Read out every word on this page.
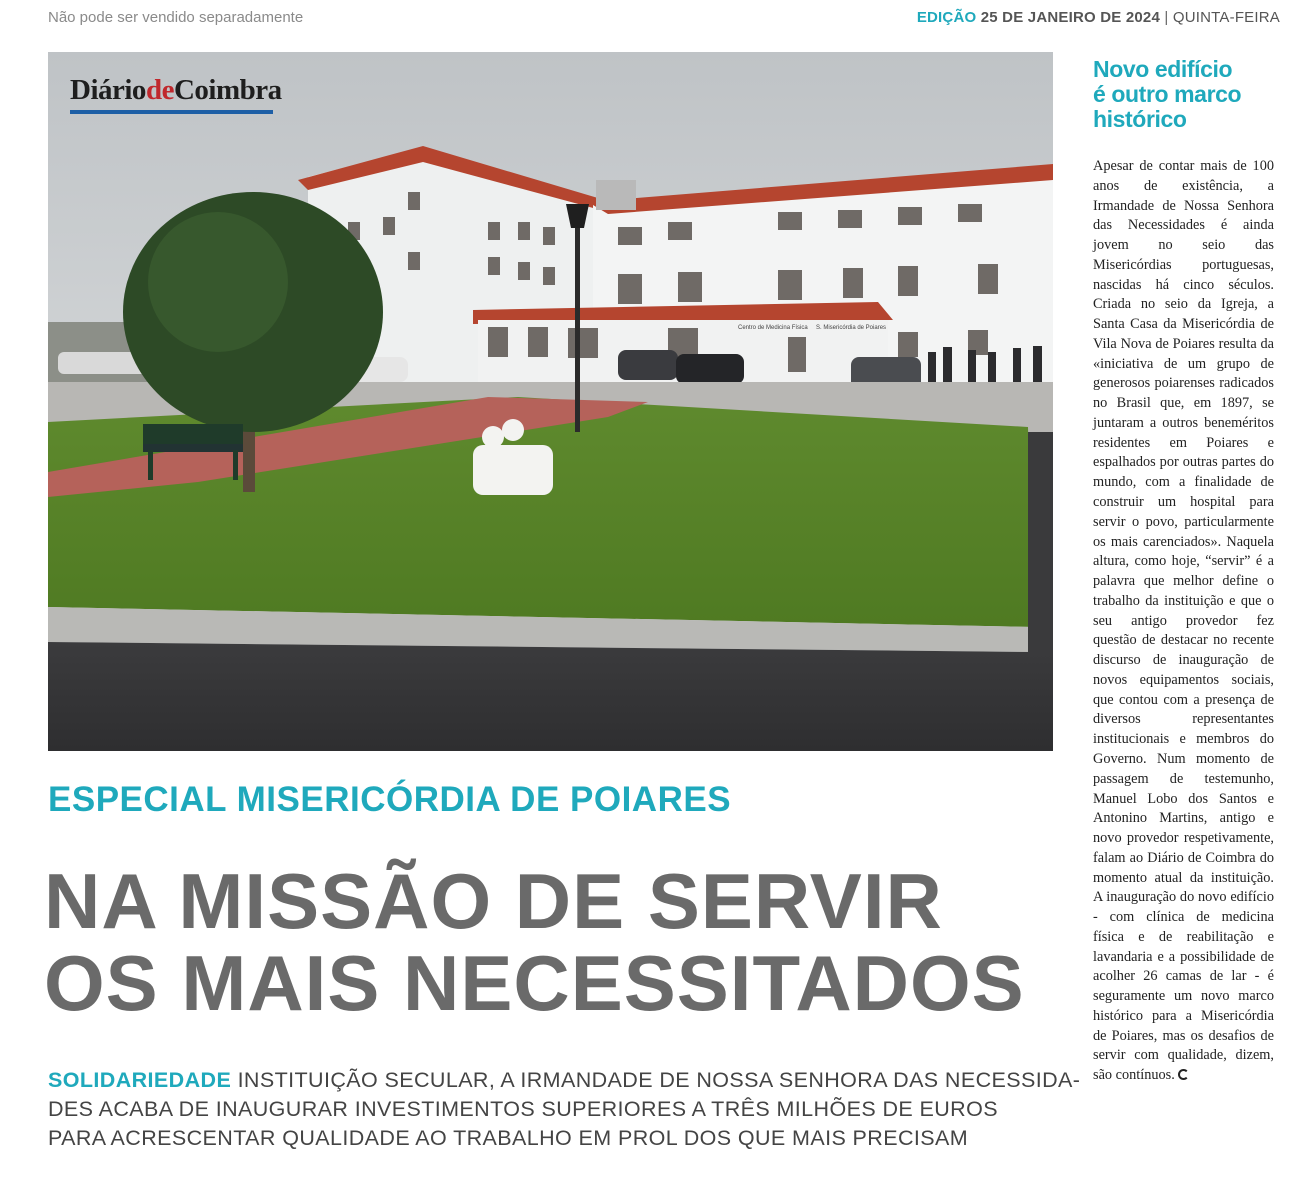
Não pode ser vendido separadamente	EDIÇÃO 25 DE JANEIRO DE 2024 | QUINTA-FEIRA
Centro de Medicina Física S. Misericórdia de Poiares
DiáriodeCoimbra
Novo edifício
é outro marco
histórico
Apesar de contar mais de 100 anos de existência, a Irmandade de Nossa Senhora das Necessidades é ainda jovem no seio das Misericórdias portuguesas, nascidas há cinco séculos. Criada no seio da Igreja, a Santa Casa da Misericórdia de Vila Nova de Poiares resulta da «iniciativa de um grupo de generosos poiarenses radicados no Brasil que, em 1897, se juntaram a outros beneméritos residentes em Poiares e espalhados por outras partes do mundo, com a finalidade de construir um hospital para servir o povo, particularmente os mais carenciados». Naquela altura, como hoje, “servir” é a palavra que melhor define o trabalho da instituição e que o seu antigo provedor fez questão de destacar no recente discurso de inauguração de novos equipamentos sociais, que contou com a presença de diversos representantes institucionais e membros do Governo. Num momento de passagem de testemunho, Manuel Lobo dos Santos e Antonino Martins, antigo e novo provedor respetivamente, falam ao Diário de Coimbra do momento atual da instituição. A inauguração do novo edifício - com clínica de medicina física e de reabilitação e lavandaria e a possibilidade de acolher 26 camas de lar - é seguramente um novo marco histórico para a Misericórdia de Poiares, mas os desafios de servir com qualidade, dizem, são contínuos.
ESPECIAL MISERICÓRDIA DE POIARES
NA MISSÃO DE SERVIR
OS MAIS NECESSITADOS
SOLIDARIEDADE INSTITUIÇÃO SECULAR, A IRMANDADE DE NOSSA SENHORA DAS NECESSIDA-
DES ACABA DE INAUGURAR INVESTIMENTOS SUPERIORES A TRÊS MILHÕES DE EUROS
PARA ACRESCENTAR QUALIDADE AO TRABALHO EM PROL DOS QUE MAIS PRECISAM
